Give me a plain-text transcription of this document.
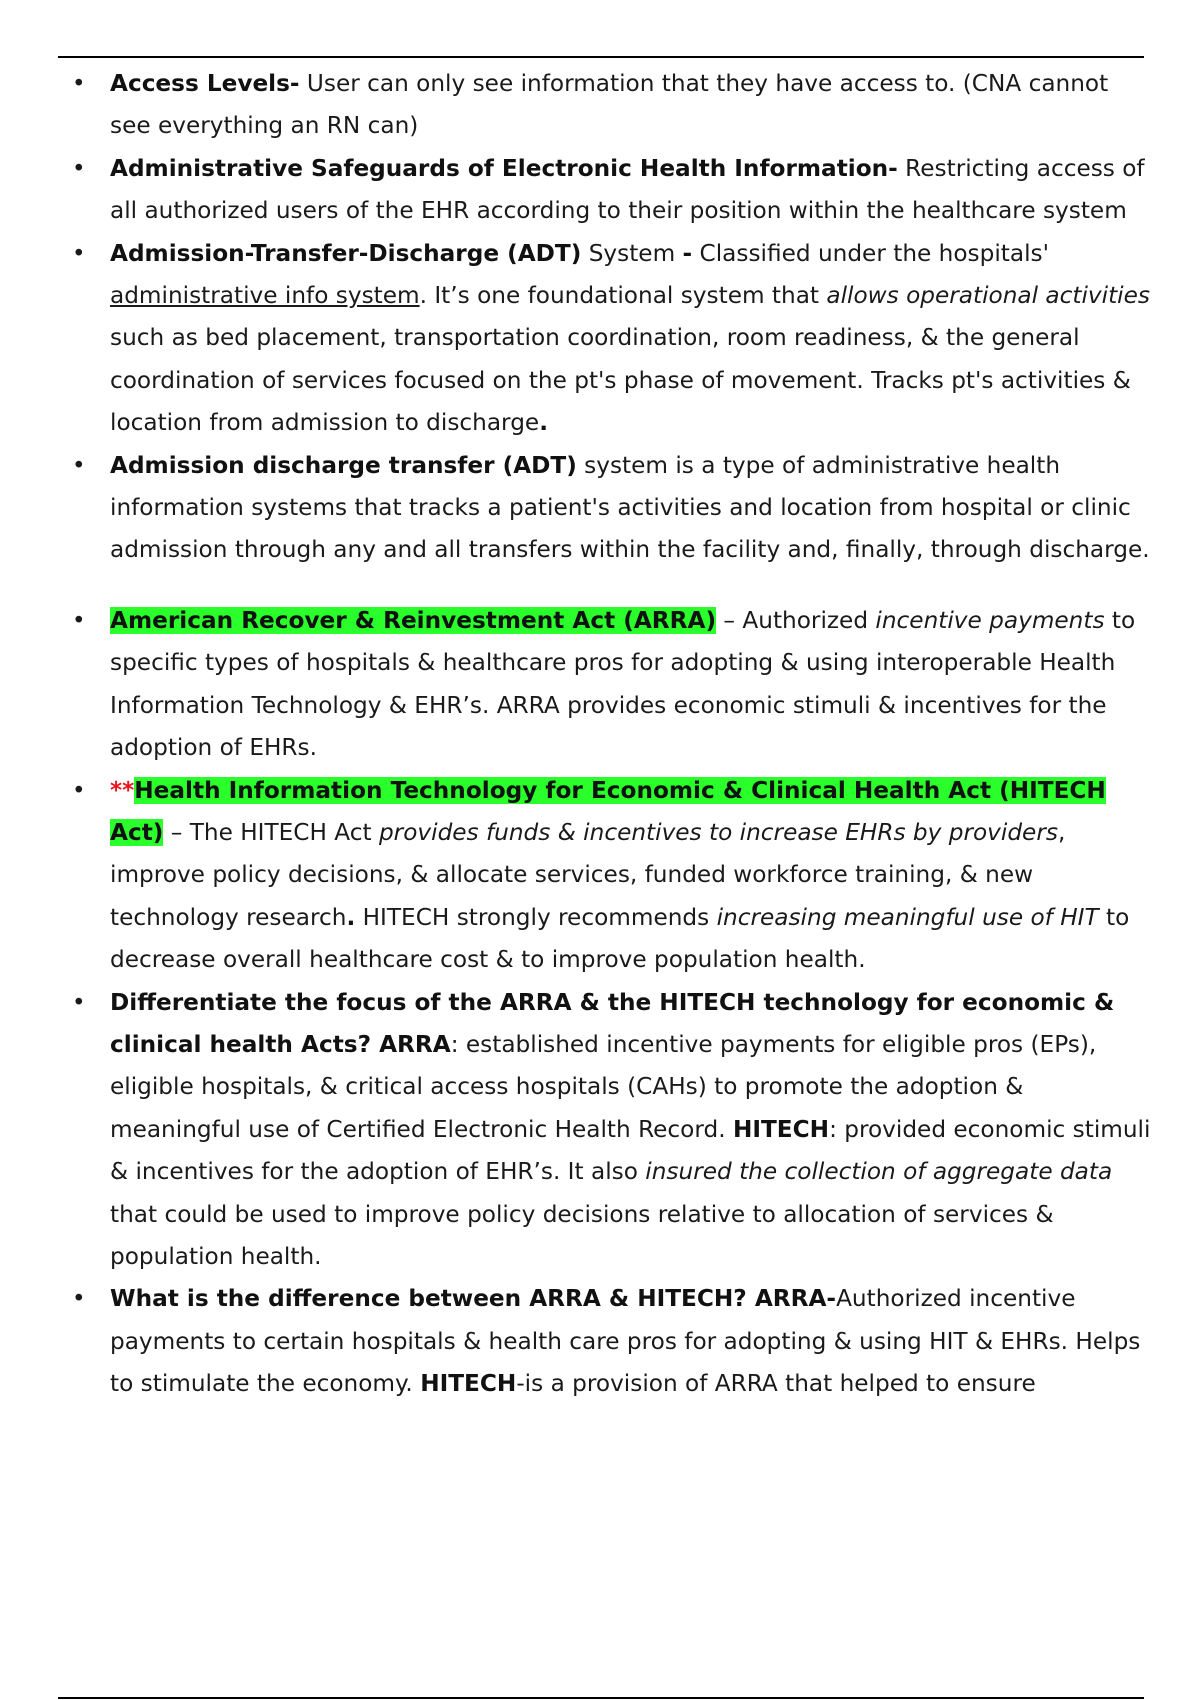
• Access Levels- User can only see information that they have access to. (CNA cannot see everything an RN can)
• Administrative Safeguards of Electronic Health Information- Restricting access of all authorized users of the EHR according to their position within the healthcare system
• Admission-Transfer-Discharge (ADT) System - Classified under the hospitals' administrative info system. It’s one foundational system that allows operational activities such as bed placement, transportation coordination, room readiness, & the general coordination of services focused on the pt's phase of movement. Tracks pt's activities & location from admission to discharge.
• Admission discharge transfer (ADT) system is a type of administrative health information systems that tracks a patient's activities and location from hospital or clinic admission through any and all transfers within the facility and, finally, through discharge.
• American Recover & Reinvestment Act (ARRA) – Authorized incentive payments to specific types of hospitals & healthcare pros for adopting & using interoperable Health Information Technology & EHR’s. ARRA provides economic stimuli & incentives for the adoption of EHRs.
• **Health Information Technology for Economic & Clinical Health Act (HITECH Act) – The HITECH Act provides funds & incentives to increase EHRs by providers, improve policy decisions, & allocate services, funded workforce training, & new technology research. HITECH strongly recommends increasing meaningful use of HIT to decrease overall healthcare cost & to improve population health.
• Differentiate the focus of the ARRA & the HITECH technology for economic & clinical health Acts? ARRA: established incentive payments for eligible pros (EPs), eligible hospitals, & critical access hospitals (CAHs) to promote the adoption & meaningful use of Certified Electronic Health Record. HITECH: provided economic stimuli & incentives for the adoption of EHR’s. It also insured the collection of aggregate data that could be used to improve policy decisions relative to allocation of services & population health.
• What is the difference between ARRA & HITECH? ARRA-Authorized incentive payments to certain hospitals & health care pros for adopting & using HIT & EHRs. Helps to stimulate the economy. HITECH-is a provision of ARRA that helped to ensure
